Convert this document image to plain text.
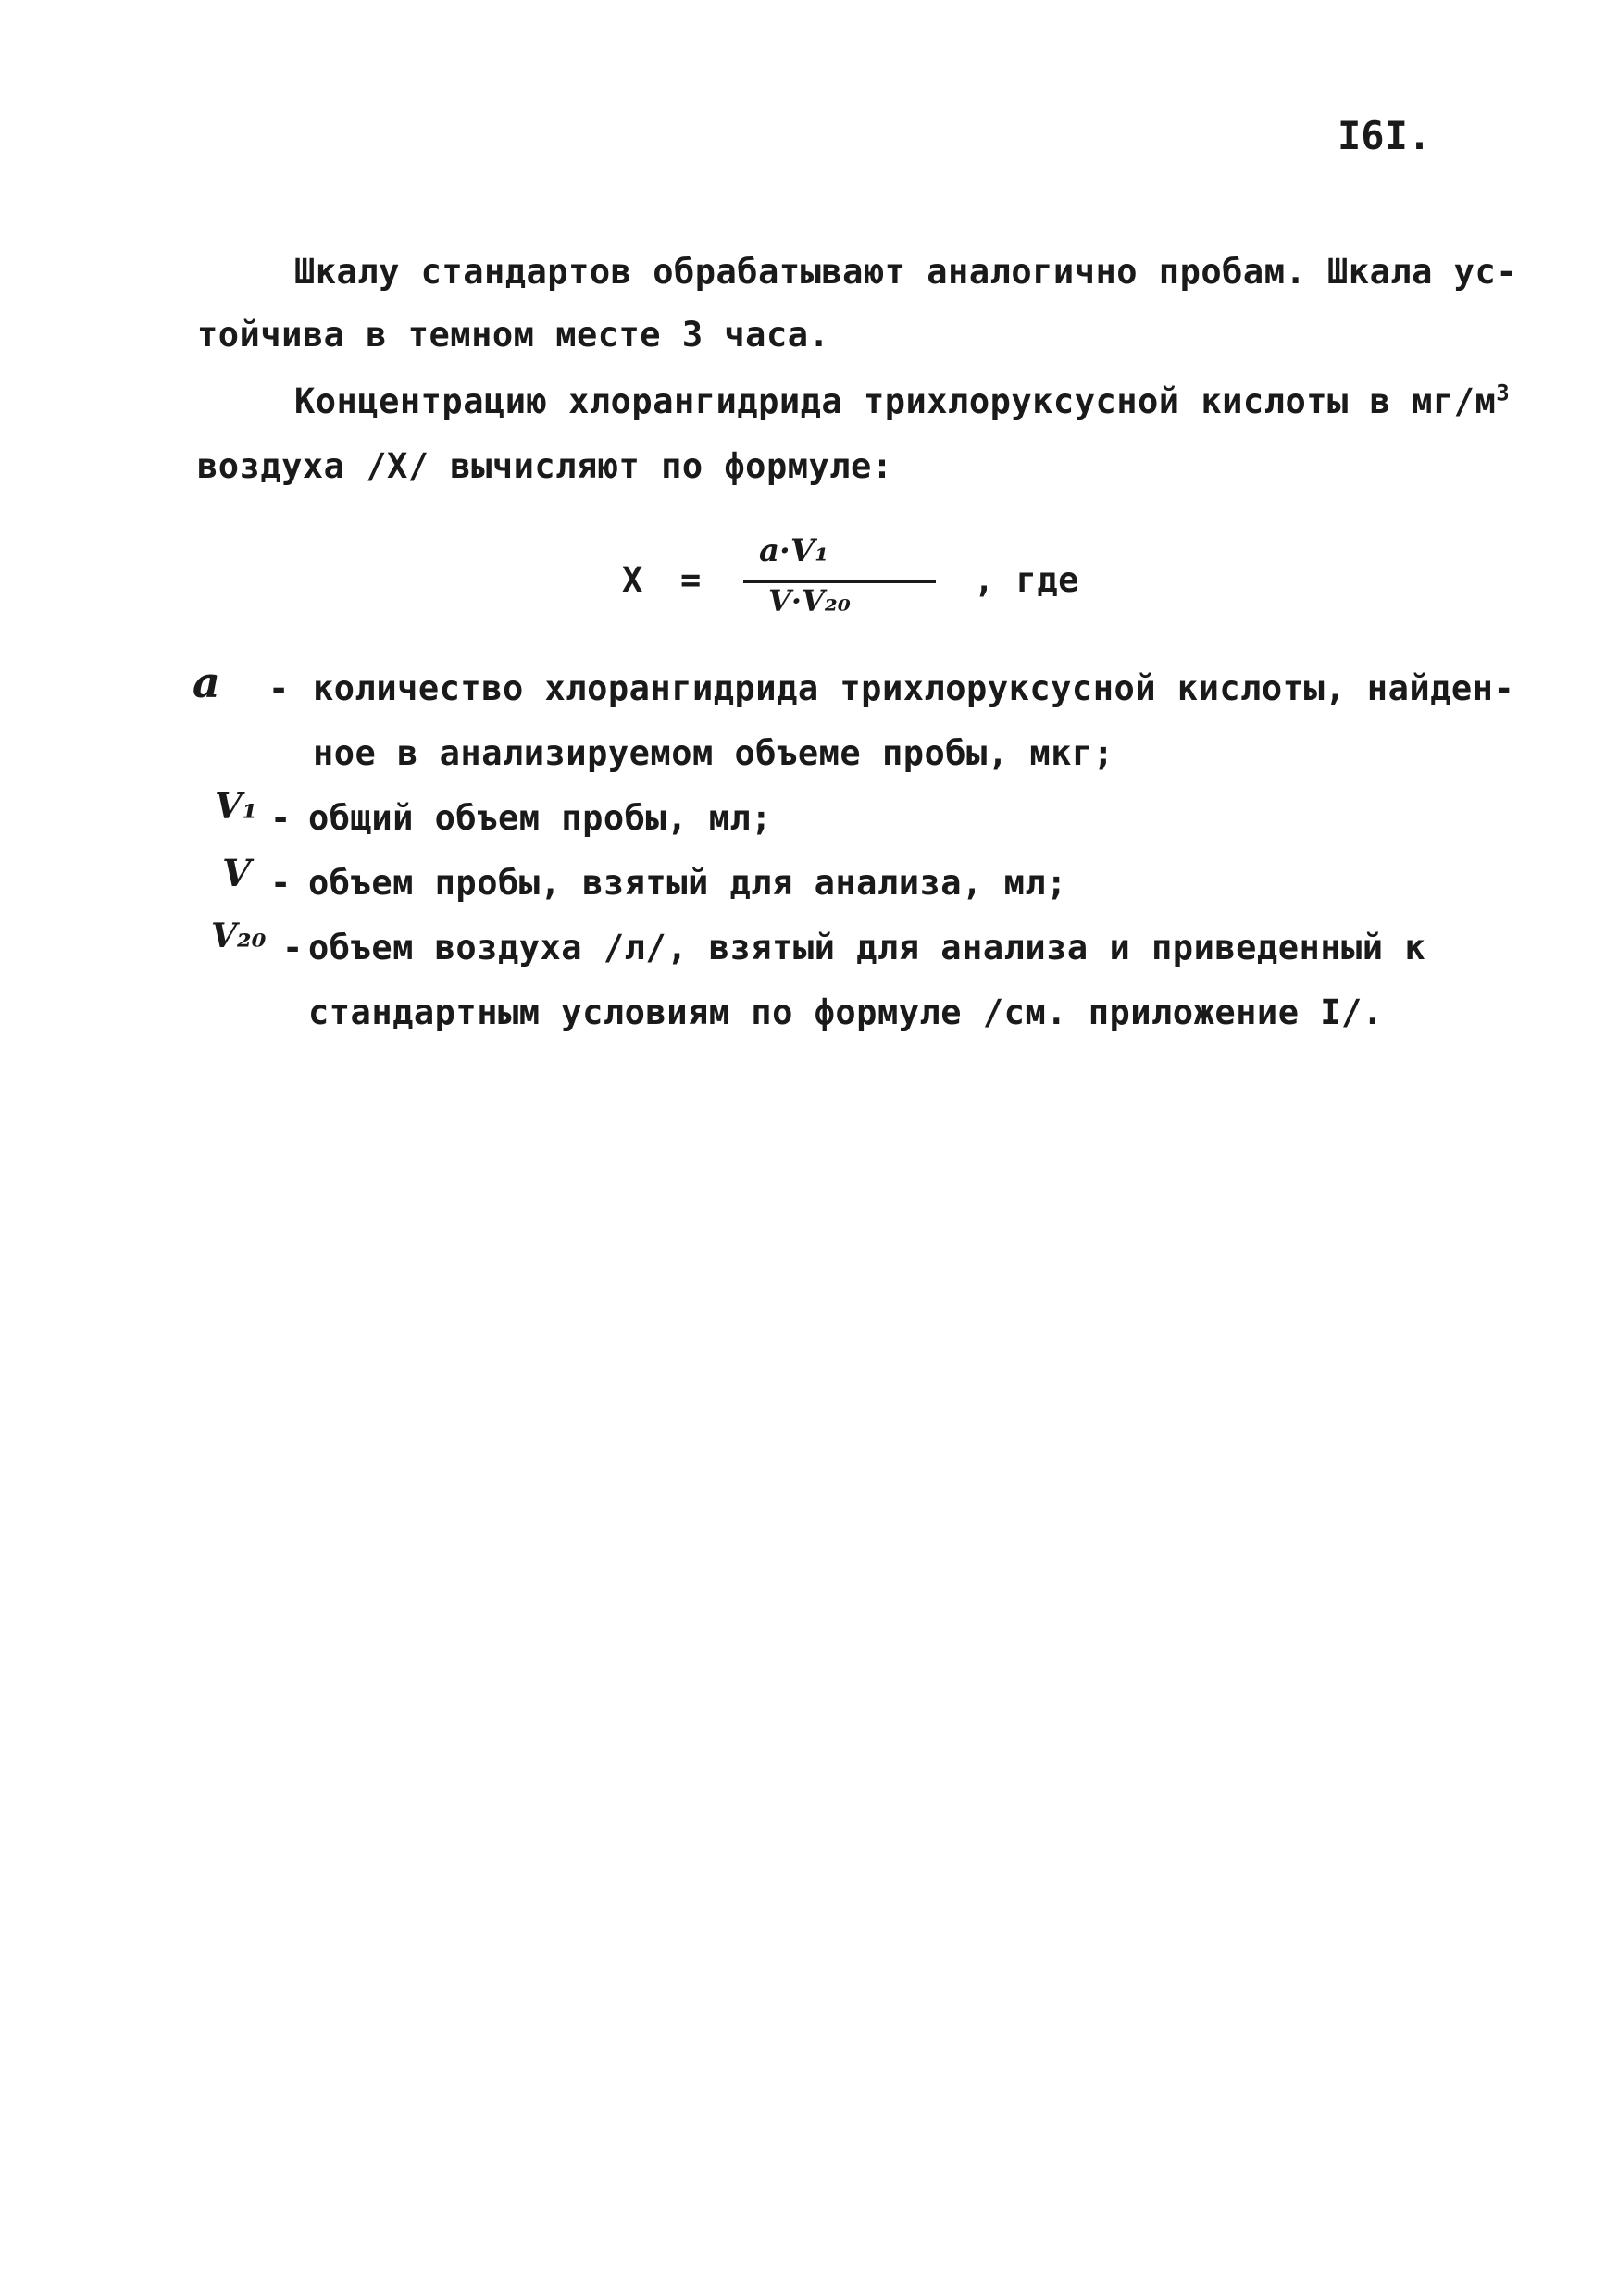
I6I.
Шкалу стандартов обрабатывают аналогично пробам. Шкала ус-
тойчива в темном месте 3 часа.
Концентрацию хлорангидрида трихлоруксусной кислоты в $мг/м^3$
воздуха /Х/ вычисляют по формуле:
Х =
а·V₁
V·V₂₀
, где
а - количество хлорангидрида трихлоруксусной кислоты, найден-
ное в анализируемом объеме пробы, мкг;
V₁ - общий объем пробы, мл;
V - объем пробы, взятый для анализа, мл;
V₂₀ - объем воздуха /л/, взятый для анализа и приведенный к
стандартным условиям по формуле /см. приложение I/.
